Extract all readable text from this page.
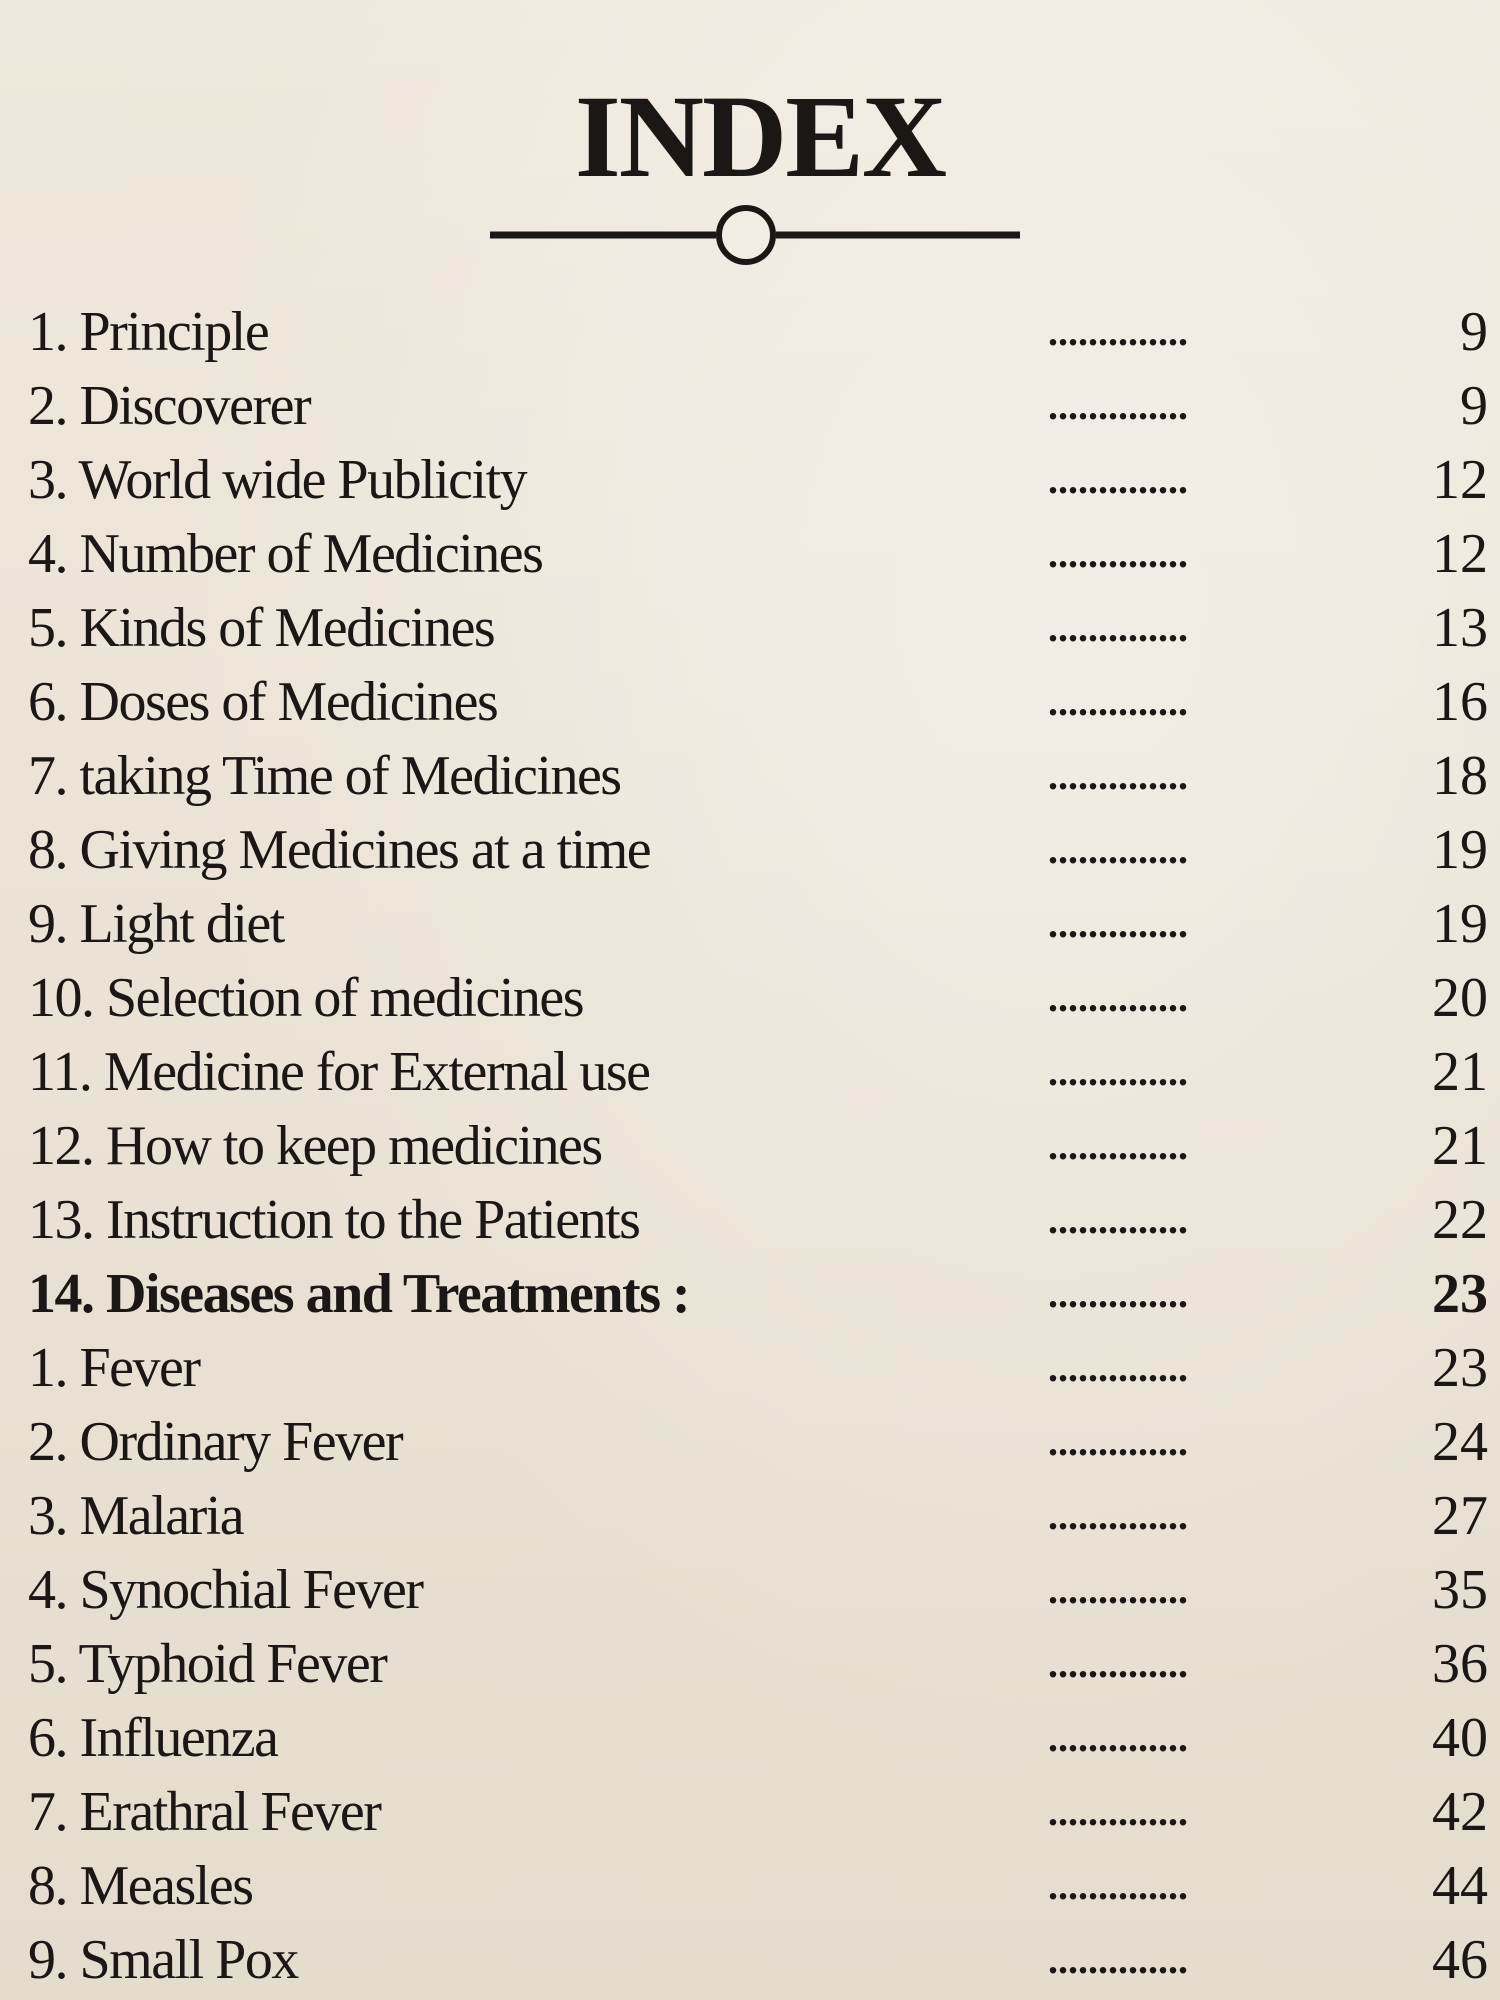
INDEX
1. Principle	..............	9
2. Discoverer	..............	9
3. World wide Publicity	..............	12
4. Number of Medicines	..............	12
5. Kinds of Medicines	..............	13
6. Doses of Medicines	..............	16
7. taking Time of Medicines	..............	18
8. Giving Medicines at a time	..............	19
9. Light diet	..............	19
10. Selection of medicines	..............	20
11. Medicine for External use	..............	21
12. How to keep medicines	..............	21
13. Instruction to the Patients	..............	22
14. Diseases and Treatments :	..............	23
1. Fever	..............	23
2. Ordinary Fever	..............	24
3. Malaria	..............	27
4. Synochial Fever	..............	35
5. Typhoid Fever	..............	36
6. Influenza	..............	40
7. Erathral Fever	..............	42
8. Measles	..............	44
9. Small Pox	..............	46
